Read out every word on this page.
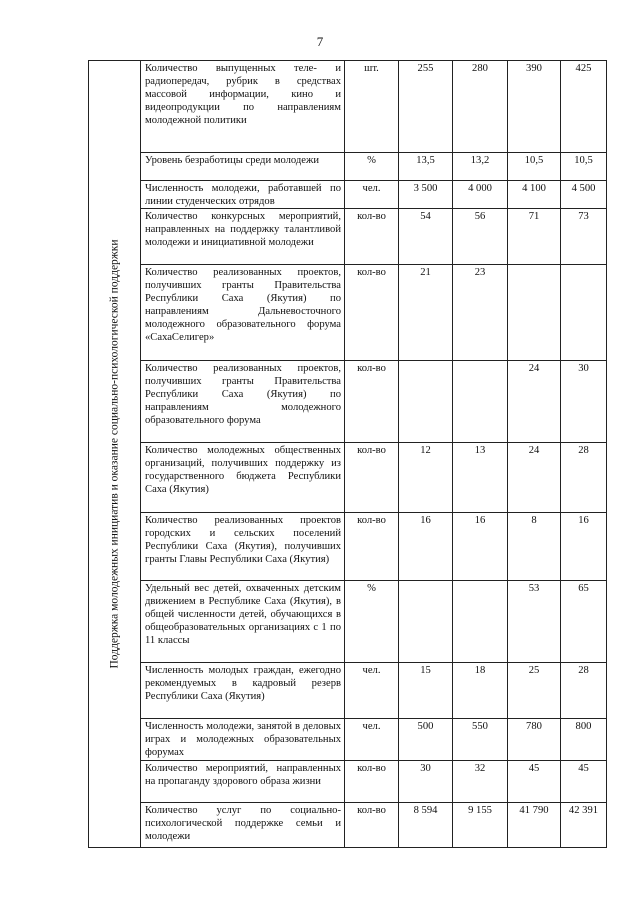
7
Поддержка молодежных инициатив и оказание социально-психологической поддержки	Количество выпущенных теле- и радиопередач, рубрик в средствах массовой информации, кино и видеопродукции по направлениям молодежной политики	шт.	255	280	390	425
	Уровень безработицы среди молодежи	%	13,5	13,2	10,5	10,5
	Численность молодежи, работавшей по линии студенческих отрядов	чел.	3 500	4 000	4 100	4 500
	Количество конкурсных мероприятий, направленных на поддержку талантливой молодежи и инициативной молодежи	кол-во	54	56	71	73
	Количество реализованных проектов, получивших гранты Правительства Республики Саха (Якутия) по направлениям Дальневосточного молодежного образовательного форума «СахаСелигер»	кол-во	21	23		
	Количество реализованных проектов, получивших гранты Правительства Республики Саха (Якутия) по направлениям молодежного образовательного форума	кол-во			24	30
	Количество молодежных общественных организаций, получивших поддержку из государственного бюджета Республики Саха (Якутия)	кол-во	12	13	24	28
	Количество реализованных проектов городских и сельских поселений Республики Саха (Якутия), получивших гранты Главы Республики Саха (Якутия)	кол-во	16	16	8	16
	Удельный вес детей, охваченных детским движением в Республике Саха (Якутия), в общей численности детей, обучающихся в общеобразовательных организациях с 1 по 11 классы	%			53	65
	Численность молодых граждан, ежегодно рекомендуемых в кадровый резерв Республики Саха (Якутия)	чел.	15	18	25	28
	Численность молодежи, занятой в деловых играх и молодежных образовательных форумах	чел.	500	550	780	800
	Количество мероприятий, направленных на пропаганду здорового образа жизни	кол-во	30	32	45	45
	Количество услуг по социально-психологической поддержке семьи и молодежи	кол-во	8 594	9 155	41 790	42 391
